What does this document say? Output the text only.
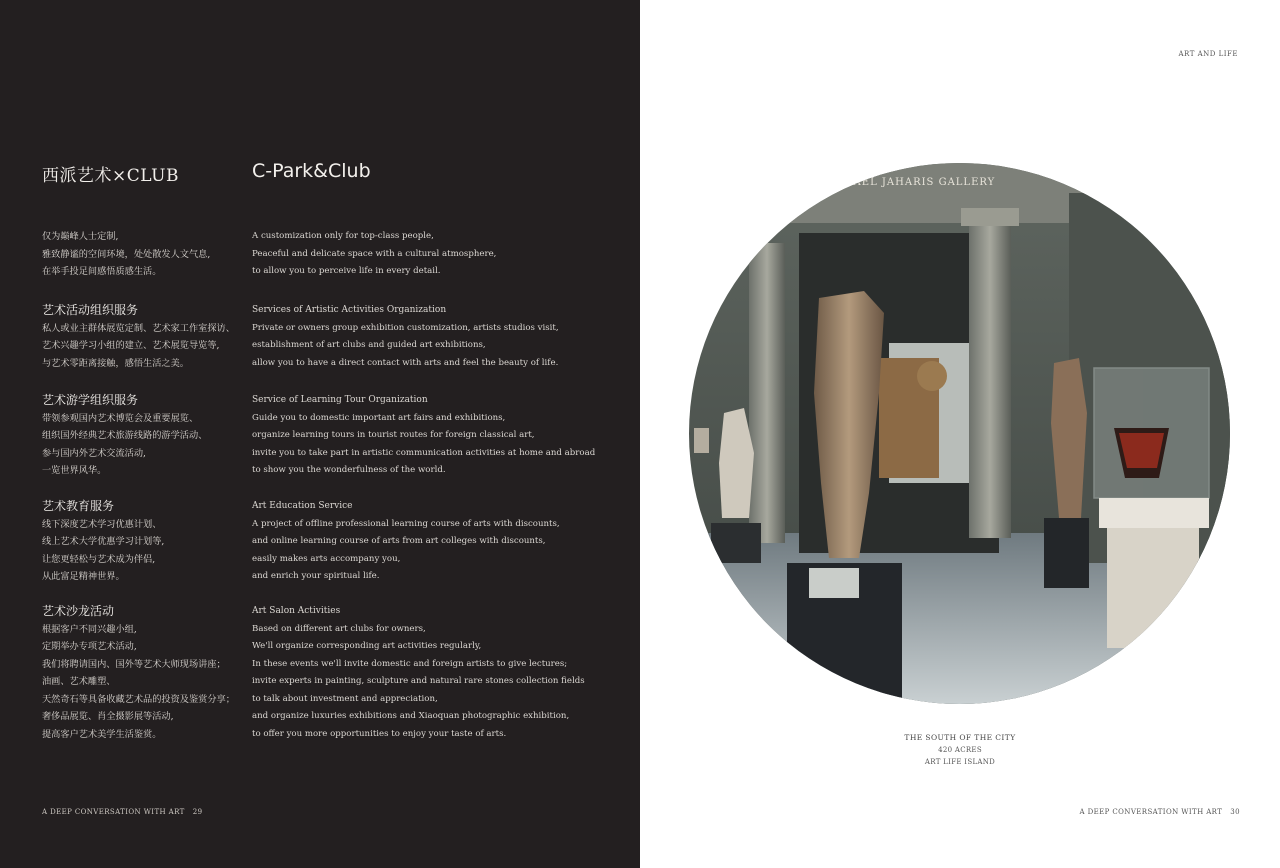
西派艺术×CLUB	C-Park&Club
仅为巅峰人士定制,
雅致静谧的空间环境，处处散发人文气息,
在举手投足间感悟质感生活。
A customization only for top-class people,
Peaceful and delicate space with a cultural atmosphere,
to allow you to perceive life in every detail.
艺术活动组织服务
私人或业主群体展览定制、艺术家工作室探访、
艺术兴趣学习小组的建立、艺术展览导览等,
与艺术零距离接触，感悟生活之美。
Services of Artistic Activities Organization
Private or owners group exhibition customization, artists studios visit,
establishment of art clubs and guided art exhibitions,
allow you to have a direct contact with arts and feel the beauty of life.
艺术游学组织服务
带领参观国内艺术博览会及重要展览、
组织国外经典艺术旅游线路的游学活动、
参与国内外艺术交流活动,
一览世界风华。
Service of Learning Tour Organization
Guide you to domestic important art fairs and exhibitions,
organize learning tours in tourist routes for foreign classical art,
invite you to take part in artistic communication activities at home and abroad
to show you the wonderfulness of the world.
艺术教育服务
线下深度艺术学习优惠计划、
线上艺术大学优惠学习计划等,
让您更轻松与艺术成为伴侣,
从此富足精神世界。
Art Education Service
A project of offline professional learning course of arts with discounts,
and online learning course of arts from art colleges with discounts,
easily makes arts accompany you,
and enrich your spiritual life.
艺术沙龙活动
根据客户不同兴趣小组,
定期举办专项艺术活动,
我们将聘请国内、国外等艺术大师现场讲座；
油画、艺术雕塑、
天然奇石等具备收藏艺术品的投资及鉴赏分享；
奢侈品展览、肖全摄影展等活动,
提高客户艺术美学生活鉴赏。
Art Salon Activities
Based on different art clubs for owners,
We'll organize corresponding art activities regularly,
In these events we'll invite domestic and foreign artists to give lectures;
invite experts in painting, sculpture and natural rare stones collection fields
to talk about investment and appreciation,
and organize luxuries exhibitions and Xiaoquan photographic exhibition,
to offer you more opportunities to enjoy your taste of arts.
A DEEP CONVERSATION WITH ART 29
ART AND LIFE
MICHAEL JAHARIS GALLERY
THE SOUTH OF THE CITY
420 ACRES
ART LIFE ISLAND
A DEEP CONVERSATION WITH ART 30
